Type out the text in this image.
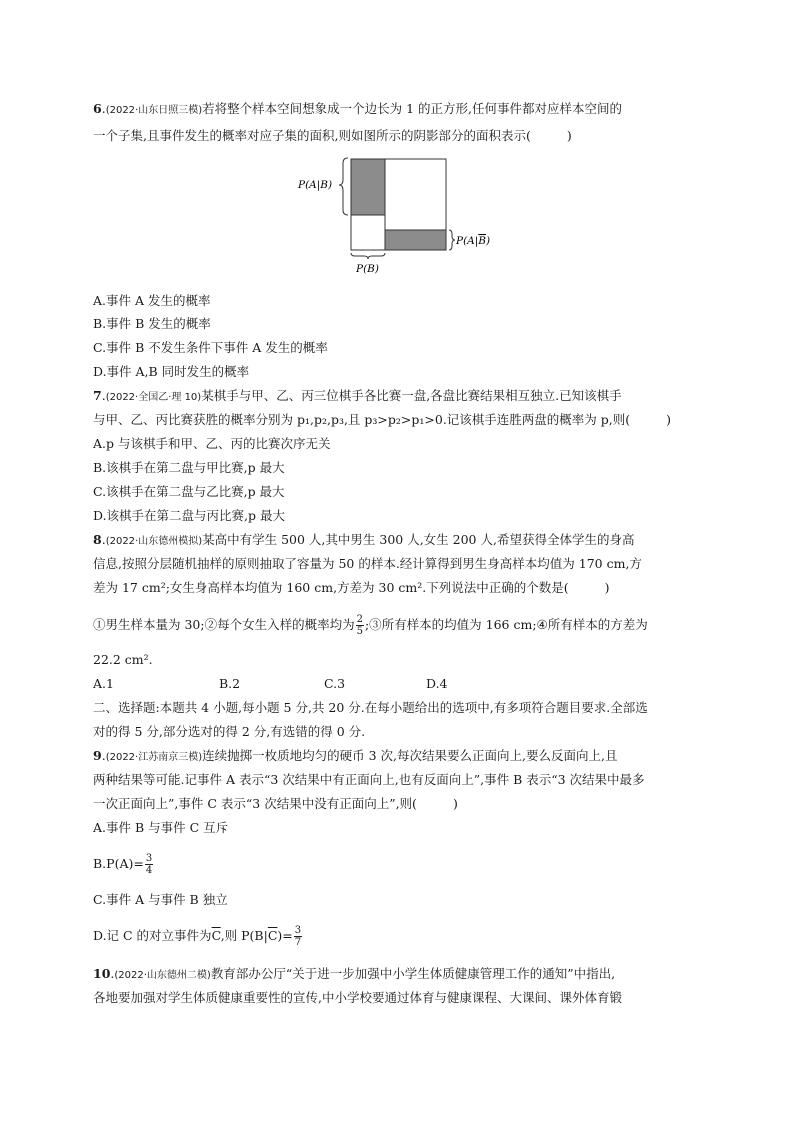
6.(2022·山东日照三模)若将整个样本空间想象成一个边长为 1 的正方形,任何事件都对应样本空间的
一个子集,且事件发生的概率对应子集的面积,则如图所示的阴影部分的面积表示(	)
P(A|B)
P(A|B)
P(B)
A.事件 A 发生的概率
B.事件 B 发生的概率
C.事件 B 不发生条件下事件 A 发生的概率
D.事件 A,B 同时发生的概率
7.(2022·全国乙·理 10)某棋手与甲、乙、丙三位棋手各比赛一盘,各盘比赛结果相互独立.已知该棋手
与甲、乙、丙比赛获胜的概率分别为 p₁,p₂,p₃,且 p₃>p₂>p₁>0.记该棋手连胜两盘的概率为 p,则(	)
A.p 与该棋手和甲、乙、丙的比赛次序无关
B.该棋手在第二盘与甲比赛,p 最大
C.该棋手在第二盘与乙比赛,p 最大
D.该棋手在第二盘与丙比赛,p 最大
8.(2022·山东德州模拟)某高中有学生 500 人,其中男生 300 人,女生 200 人,希望获得全体学生的身高
信息,按照分层随机抽样的原则抽取了容量为 50 的样本.经计算得到男生身高样本均值为 170 cm,方
差为 17 cm²;女生身高样本均值为 160 cm,方差为 30 cm².下列说法中正确的个数是(	)
①男生样本量为 30;②每个女生入样的概率均为 $\frac{2}{5}$ ;③所有样本的均值为 166 cm;④所有样本的方差为
22.2 cm².
A.1	B.2	C.3	D.4
二、选择题:本题共 4 小题,每小题 5 分,共 20 分.在每小题给出的选项中,有多项符合题目要求.全部选
对的得 5 分,部分选对的得 2 分,有选错的得 0 分.
9.(2022·江苏南京三模)连续抛掷一枚质地均匀的硬币 3 次,每次结果要么正面向上,要么反面向上,且
两种结果等可能.记事件 A 表示“3 次结果中有正面向上,也有反面向上”,事件 B 表示“3 次结果中最多
一次正面向上”,事件 C 表示“3 次结果中没有正面向上”,则(	)
A.事件 B 与事件 C 互斥
$B.P(A)= \frac{3}{4}$
C.事件 A 与事件 B 独立
D.记 C 的对立事件为$\overline{C}$,则 $P(B|\overline{C})= \frac{3}{7}$
10.(2022·山东德州二模)教育部办公厅“关于进一步加强中小学生体质健康管理工作的通知”中指出,
各地要加强对学生体质健康重要性的宣传,中小学校要通过体育与健康课程、大课间、课外体育锻
